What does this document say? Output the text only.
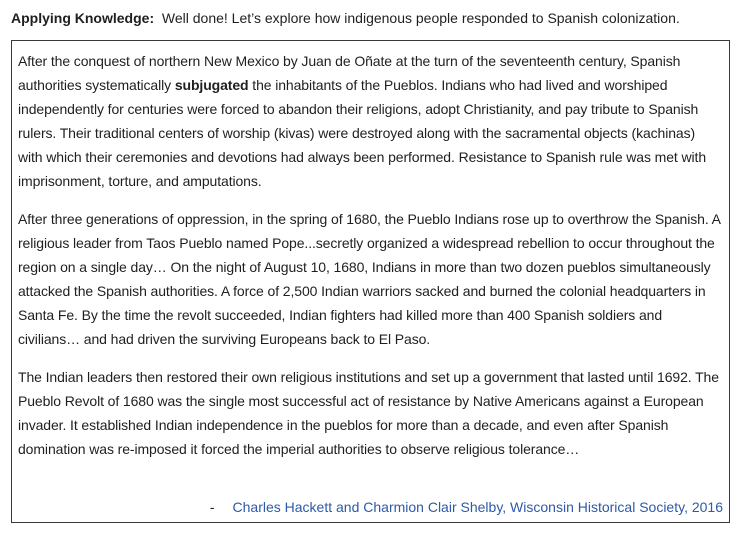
Applying Knowledge:  Well done! Let’s explore how indigenous people responded to Spanish colonization.

After the conquest of northern New Mexico by Juan de Oñate at the turn of the seventeenth century, Spanish authorities systematically subjugated the inhabitants of the Pueblos. Indians who had lived and worshiped independently for centuries were forced to abandon their religions, adopt Christianity, and pay tribute to Spanish rulers. Their traditional centers of worship (kivas) were destroyed along with the sacramental objects (kachinas) with which their ceremonies and devotions had always been performed. Resistance to Spanish rule was met with imprisonment, torture, and amputations.

After three generations of oppression, in the spring of 1680, the Pueblo Indians rose up to overthrow the Spanish. A religious leader from Taos Pueblo named Pope...secretly organized a widespread rebellion to occur throughout the region on a single day… On the night of August 10, 1680, Indians in more than two dozen pueblos simultaneously attacked the Spanish authorities. A force of 2,500 Indian warriors sacked and burned the colonial headquarters in Santa Fe. By the time the revolt succeeded, Indian fighters had killed more than 400 Spanish soldiers and civilians… and had driven the surviving Europeans back to El Paso.

The Indian leaders then restored their own religious institutions and set up a government that lasted until 1692. The Pueblo Revolt of 1680 was the single most successful act of resistance by Native Americans against a European invader. It established Indian independence in the pueblos for more than a decade, and even after Spanish domination was re-imposed it forced the imperial authorities to observe religious tolerance…

- Charles Hackett and Charmion Clair Shelby, Wisconsin Historical Society, 2016
